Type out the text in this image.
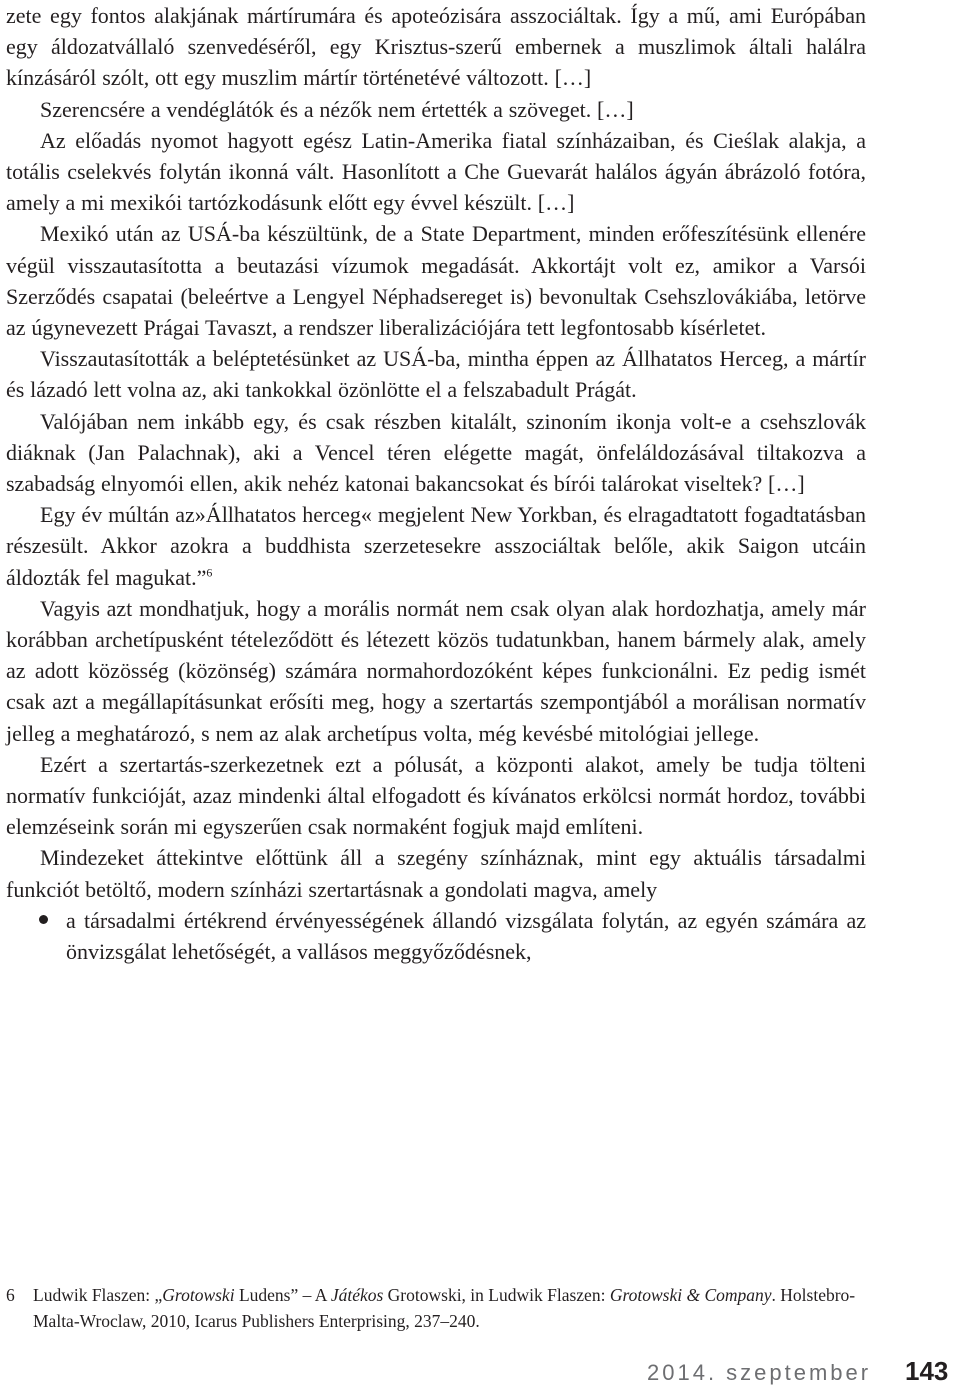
zete egy fontos alakjának mártírumára és apoteózisára asszociáltak. Így a mű, ami Európában egy áldozatvállaló szenvedéséről, egy Krisztus-szerű embernek a muszlimok általi halálra kínzásáról szólt, ott egy muszlim mártír történetévé változott. […]

Szerencsére a vendéglátók és a nézők nem értették a szöveget. […]

Az előadás nyomot hagyott egész Latin-Amerika fiatal színházaiban, és Cieślak alakja, a totális cselekvés folytán ikonná vált. Hasonlított a Che Guevarát halálos ágyán ábrázoló fotóra, amely a mi mexikói tartózkodásunk előtt egy évvel készült. […]

Mexikó után az USÁ-ba készültünk, de a State Department, minden erőfeszítésünk ellenére végül visszautasította a beutazási vízumok megadását. Akkortájt volt ez, amikor a Varsói Szerződés csapatai (beleértve a Lengyel Néphadsereget is) bevonultak Csehszlovákiába, letörve az úgynevezett Prágai Tavaszt, a rendszer liberalizációjára tett legfontosabb kísérletet.

Visszautasították a beléptetésünket az USÁ-ba, mintha éppen az Állhatatos Herceg, a mártír és lázadó lett volna az, aki tankokkal özönlötte el a felszabadult Prágát.

Valójában nem inkább egy, és csak részben kitalált, szinoním ikonja volt-e a csehszlovák diáknak (Jan Palachnak), aki a Vencel téren elégette magát, önfeláldozásával tiltakozva a szabadság elnyomói ellen, akik nehéz katonai bakancsokat és bírói talárokat viseltek? […]

Egy év múltán az»Állhatatos herceg« megjelent New Yorkban, és elragadtatott fogadtatásban részesült. Akkor azokra a buddhista szerzetesekre asszociáltak belőle, akik Saigon utcáin áldozták fel magukat.”$^6$

Vagyis azt mondhatjuk, hogy a morális normát nem csak olyan alak hordozhatja, amely már korábban archetípusként tételeződött és létezett közös tudatunkban, hanem bármely alak, amely az adott közösség (közönség) számára normahordozóként képes funkcionálni. Ez pedig ismét csak azt a megállapításunkat erősíti meg, hogy a szertartás szempontjából a morálisan normatív jelleg a meghatározó, s nem az alak archetípus volta, még kevésbé mitológiai jellege.

Ezért a szertartás-szerkezetnek ezt a pólusát, a központi alakot, amely be tudja tölteni normatív funkcióját, azaz mindenki által elfogadott és kívánatos erkölcsi normát hordoz, további elemzéseink során mi egyszerűen csak normaként fogjuk majd említeni.

Mindezeket áttekintve előttünk áll a szegény színháznak, mint egy aktuális társadalmi funkciót betöltő, modern színházi szertartásnak a gondolati magva, amely

a társadalmi értékrend érvényességének állandó vizsgálata folytán, az egyén számára az önvizsgálat lehetőségét, a vallásos meggyőződésnek,
6 Ludwik Flaszen: „Grotowski Ludens” – A Játékos Grotowski, in Ludwik Flaszen: Grotowski & Company. Holstebro-Malta-Wroclaw, 2010, Icarus Publishers Enterprising, 237–240.
2014. szeptember 143
